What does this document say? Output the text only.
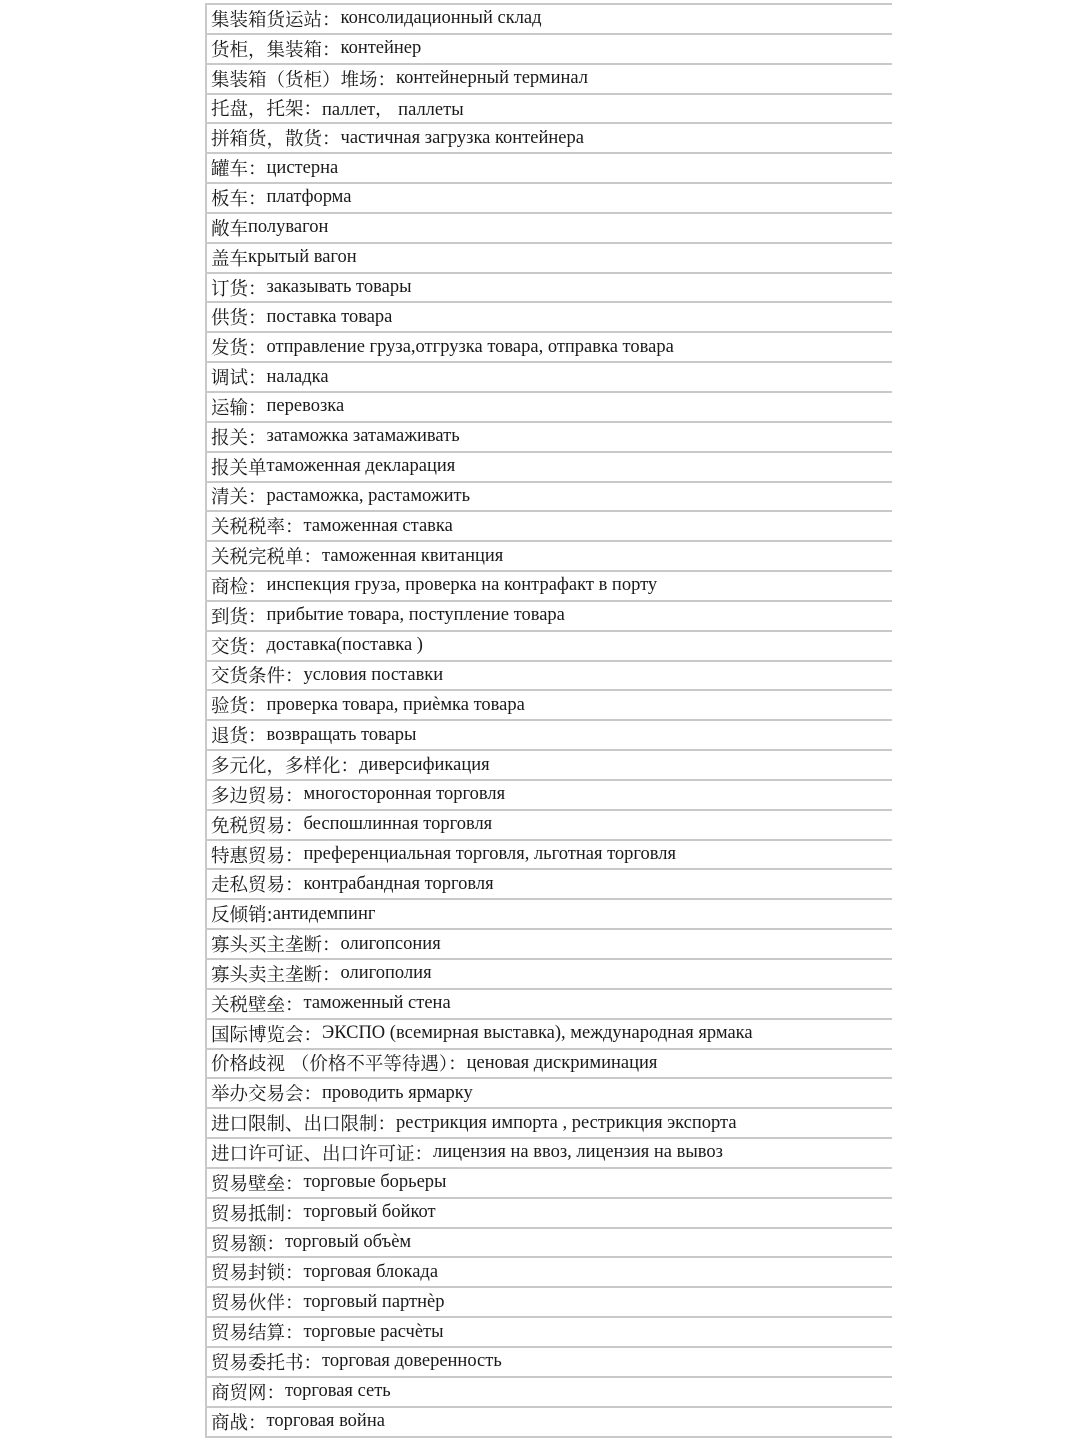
集装箱货运站： консолидационный склад
货柜，集装箱： контейнер
集装箱（货柜）堆场： контейнерный терминал
托盘，托架： паллет， паллеты
拼箱货，散货： частичная загрузка контейнера
罐车： цистерна
板车： платформа
敞车 полувагон
盖车 крытый вагон
订货： заказывать товары
供货： поставка товара
发货： отправление груза,отгрузка товара, отправка товара
调试： наладка
运输： перевозка
报关： затаможка затамаживать
报关单 таможенная декларация
清关： растаможка, растаможить
关税税率： таможенная ставка
关税完税单： таможенная квитанция
商检： инспекция груза, проверка на контрафакт в порту
到货： прибытие товара, поступление товара
交货： доставка(поставка )
交货条件： условия поставки
验货： проверка товара, приѐмка товара
退货： возвращать товары
多元化，多样化： диверсификация
多边贸易： многосторонная торговля
免税贸易： беспошлинная торговля
特惠贸易： преференциальная торговля, льготная торговля
走私贸易： контрабандная торговля
反倾销: антидемпинг
寡头买主垄断： олигопсония
寡头卖主垄断： олигополия
关税壁垒： таможенный стена
国际博览会： ЭКСПО (всемирная выставка), международная ярмака
价格歧视 （价格不平等待遇）： ценовая дискриминация
举办交易会： проводить ярмарку
进口限制、出口限制： рестрикция импорта , рестрикция экспорта
进口许可证、出口许可证： лицензия на ввоз, лицензия на вывоз
贸易壁垒： торговые борьеры
贸易抵制： торговый бойкот
贸易额： торговый объѐм
贸易封锁： торговая блокада
贸易伙伴： торговый партнѐр
贸易结算： торговые расчѐты
贸易委托书： торговая доверенность
商贸网： торговая сеть
商战： торговая война
